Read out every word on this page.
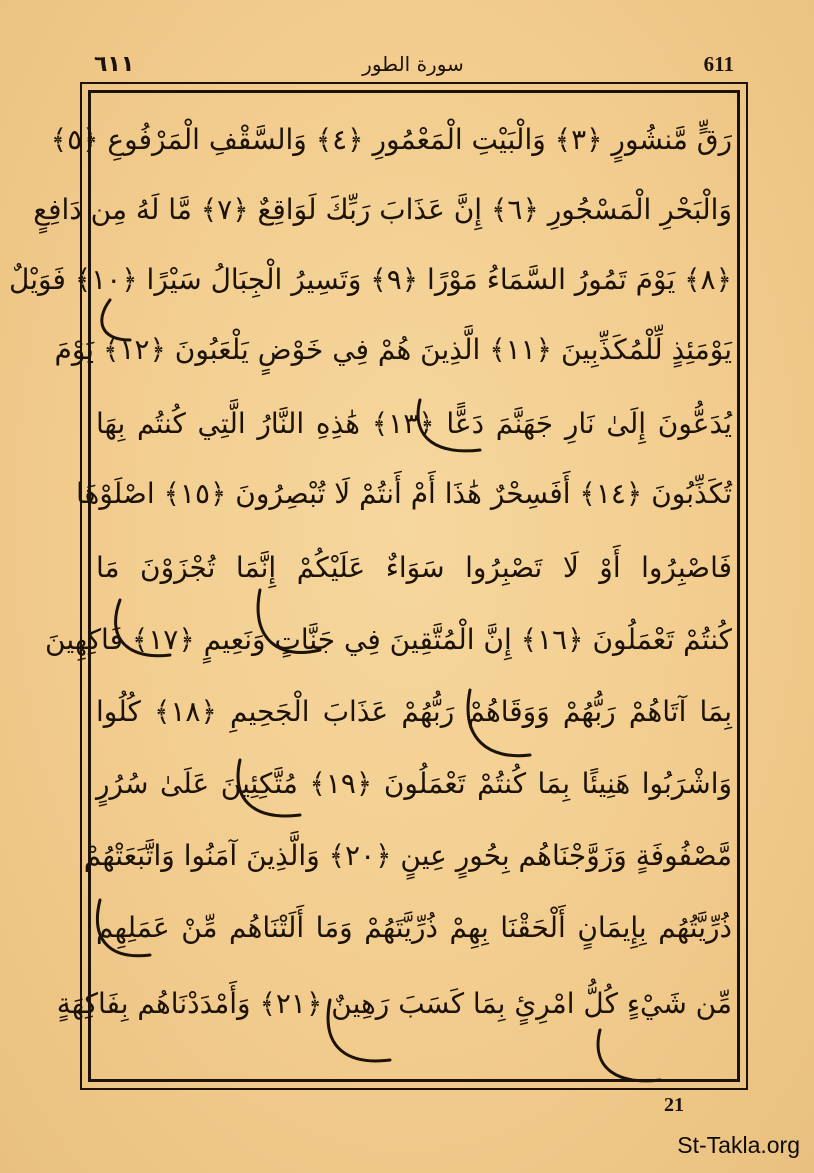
٦١١	سورة الطور	611
رَقٍّ مَّنشُورٍ ﴿٣﴾ وَالْبَيْتِ الْمَعْمُورِ ﴿٤﴾ وَالسَّقْفِ الْمَرْفُوعِ ﴿٥﴾
وَالْبَحْرِ الْمَسْجُورِ ﴿٦﴾ إِنَّ عَذَابَ رَبِّكَ لَوَاقِعٌ ﴿٧﴾ مَّا لَهُ مِن دَافِعٍ
﴿٨﴾ يَوْمَ تَمُورُ السَّمَاءُ مَوْرًا ﴿٩﴾ وَتَسِيرُ الْجِبَالُ سَيْرًا ﴿١٠﴾ فَوَيْلٌ
يَوْمَئِذٍ لِّلْمُكَذِّبِينَ ﴿١١﴾ الَّذِينَ هُمْ فِي خَوْضٍ يَلْعَبُونَ ﴿١٢﴾ يَوْمَ
يُدَعُّونَ إِلَىٰ نَارِ جَهَنَّمَ دَعًّا ﴿١٣﴾ هَٰذِهِ النَّارُ الَّتِي كُنتُم بِهَا
تُكَذِّبُونَ ﴿١٤﴾ أَفَسِحْرٌ هَٰذَا أَمْ أَنتُمْ لَا تُبْصِرُونَ ﴿١٥﴾ اصْلَوْهَا
فَاصْبِرُوا أَوْ لَا تَصْبِرُوا سَوَاءٌ عَلَيْكُمْ إِنَّمَا تُجْزَوْنَ مَا
كُنتُمْ تَعْمَلُونَ ﴿١٦﴾ إِنَّ الْمُتَّقِينَ فِي جَنَّاتٍ وَنَعِيمٍ ﴿١٧﴾ فَاكِهِينَ
بِمَا آتَاهُمْ رَبُّهُمْ وَوَقَاهُمْ رَبُّهُمْ عَذَابَ الْجَحِيمِ ﴿١٨﴾ كُلُوا
وَاشْرَبُوا هَنِيئًا بِمَا كُنتُمْ تَعْمَلُونَ ﴿١٩﴾ مُتَّكِئِينَ عَلَىٰ سُرُرٍ
مَّصْفُوفَةٍ وَزَوَّجْنَاهُم بِحُورٍ عِينٍ ﴿٢٠﴾ وَالَّذِينَ آمَنُوا وَاتَّبَعَتْهُمْ
ذُرِّيَّتُهُم بِإِيمَانٍ أَلْحَقْنَا بِهِمْ ذُرِّيَّتَهُمْ وَمَا أَلَتْنَاهُم مِّنْ عَمَلِهِم
مِّن شَيْءٍ كُلُّ امْرِئٍ بِمَا كَسَبَ رَهِينٌ ﴿٢١﴾ وَأَمْدَدْنَاهُم بِفَاكِهَةٍ
21
St-Takla.org
